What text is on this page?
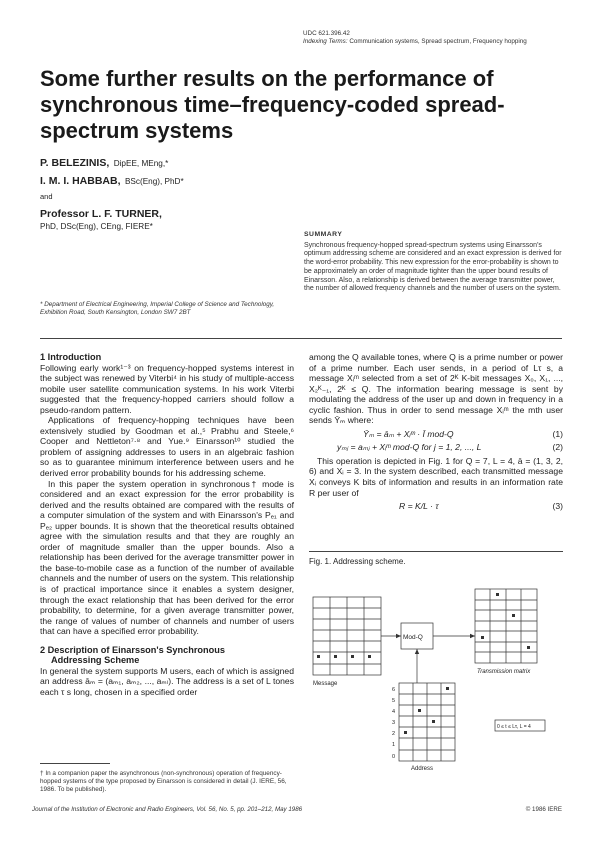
UDC 621.396.42
Indexing Terms: Communication systems, Spread spectrum, Frequency hopping
Some further results on the performance of synchronous time–frequency-coded spread-spectrum systems
P. BELEZINIS, DipEE, MEng,*
I. M. I. HABBAB, BSc(Eng), PhD*
and
Professor L. F. TURNER,
PhD, DSc(Eng), CEng, FIERE*
* Department of Electrical Engineering, Imperial College of Science and Technology, Exhibition Road, South Kensington, London SW7 2BT
SUMMARY
Synchronous frequency-hopped spread-spectrum systems using Einarsson's optimum addressing scheme are considered and an exact expression is derived for the word-error probability. This new expression for the error-probability is shown to be approximately an order of magnitude tighter than the upper bound results of Einarsson. Also, a relationship is derived between the average transmitter power, the number of allowed frequency channels and the number of users on the system.
1 Introduction

Following early work¹⁻³ on frequency-hopped systems interest in the subject was renewed by Viterbi⁴ in his study of multiple-access mobile user satellite communication systems. In his work Viterbi suggested that the frequency-hopped carriers should follow a pseudo-random pattern.

Applications of frequency-hopping techniques have been extensively studied by Goodman et al.,⁵ Prabhu and Steele,⁶ Cooper and Nettleton⁷·⁸ and Yue.⁹ Einarsson¹⁰ studied the problem of assigning addresses to users in an algebraic fashion so as to guarantee minimum interference between users and he derived error probability bounds for his addressing scheme.

In this paper the system operation in synchronous† mode is considered and an exact expression for the error probability is derived and the results obtained are compared with the results of a computer simulation of the system and with Einarsson's Pₑ₁ and Pₑ₂ upper bounds. It is shown that the theoretical results obtained agree with the simulation results and that they are roughly an order of magnitude smaller than the upper bounds. Also a relationship has been derived for the average transmitter power in the base-to-mobile case as a function of the number of available channels and the number of users on the system. This relationship is of practical importance since it enables a system designer, through the exact relationship that has been derived for the error probability, to determine, for a given average transmitter power, the range of values of number of channels and number of users that can have a specified error probability.

2 Description of Einarsson's Synchronous
Addressing Scheme

In general the system supports M users, each of which is assigned an address āₘ = (aₘ₁, aₘ₂, ..., aₘₗ). The address is a set of L tones each τ s long, chosen in a specified order

† In a companion paper the asynchronous (non-synchronous) operation of frequency-hopped systems of the type proposed by Einarsson is considered in detail (J. IERE, 56, 1986. To be published).

among the Q available tones, where Q is a prime number or power of a prime number. Each user sends, in a period of Lτ s, a message Xᵢᵐ selected from a set of 2ᴷ K-bit messages X₀, X₁, ..., X₂ᴷ₋₁, 2ᴷ ≤ Q. The information bearing message is sent by modulating the address of the user up and down in frequency in a cyclic fashion. Thus in order to send message Xᵢᵐ the mth user sends Ȳₘ where:

Ȳₘ = āₘ + Xᵢᵐ · Ī mod-Q	(1)
yₘⱼ = aₘⱼ + Xᵢᵐ mod-Q for j = 1, 2, ..., L	(2)

This operation is depicted in Fig. 1 for Q = 7, L = 4, ā = (1, 3, 2, 6) and Xᵢ = 3. In the system described, each transmitted message Xᵢ conveys K bits of information and results in an information rate R per user of

R = K/L · τ	(3)
Fig. 1. Addressing scheme.
Mod-Q
Message
Transmission matrix
Address
0 ≤ t ≤ Lτ, L = 4
6
5
4
3
2
1
0
Journal of the Institution of Electronic and Radio Engineers, Vol. 56, No. 5, pp. 201–212, May 1986	© 1986 IERE
